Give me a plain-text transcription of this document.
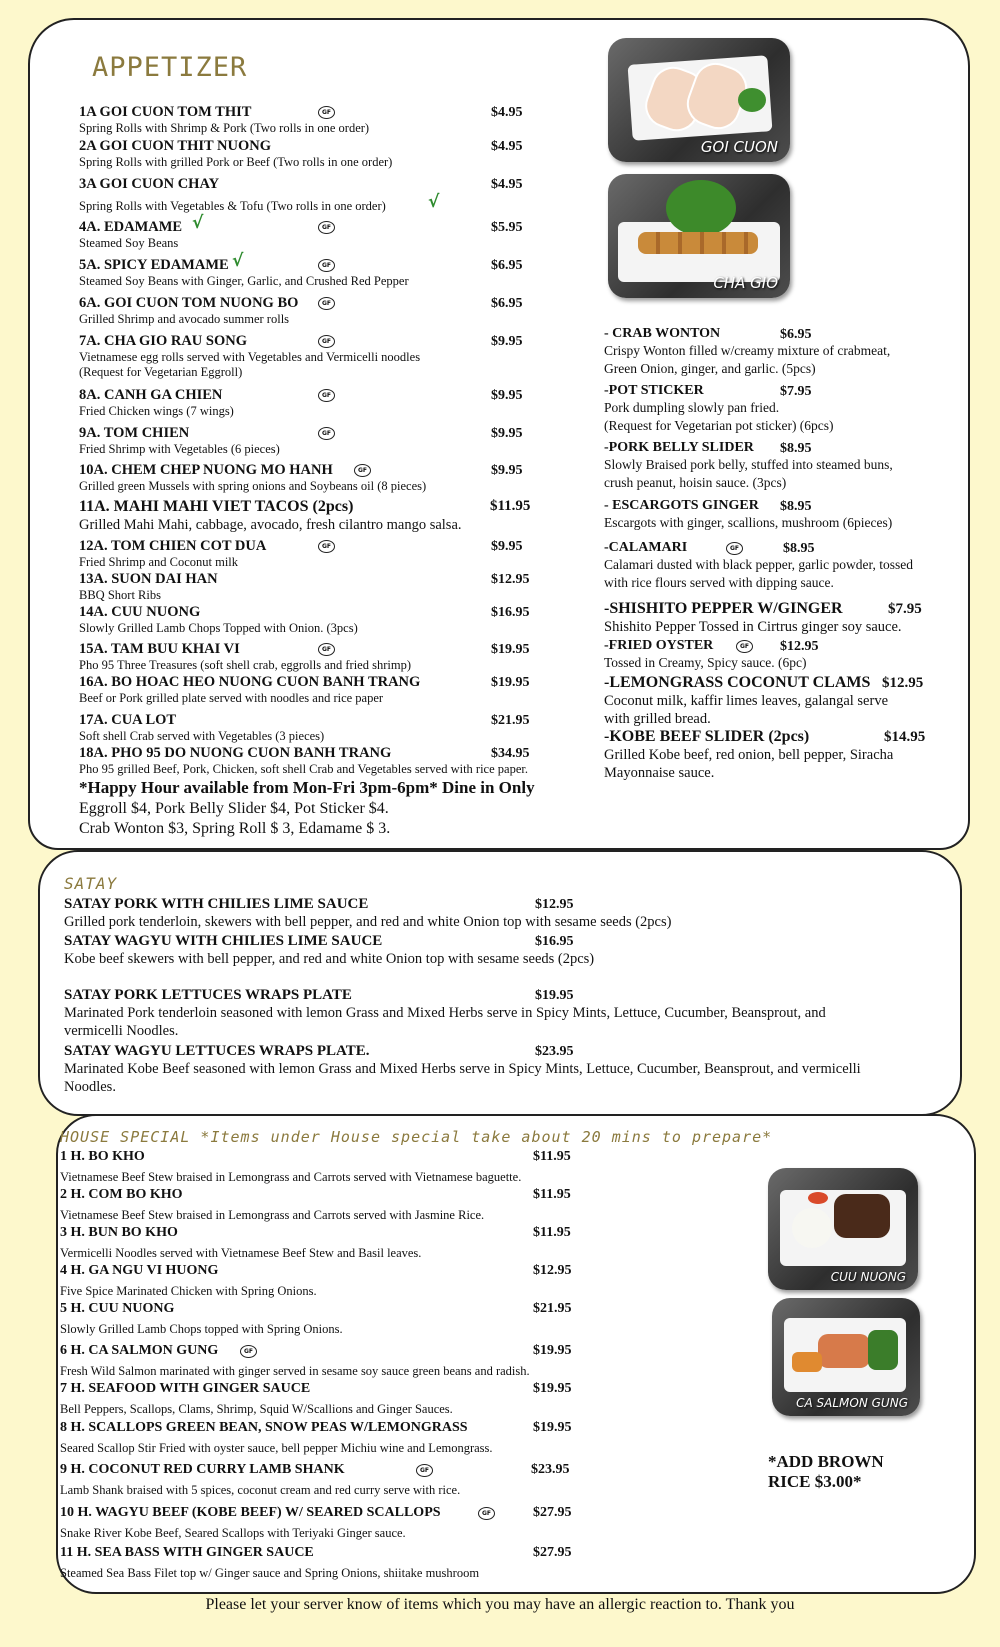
APPETIZER
1A GOI CUON TOM THIT
Spring Rolls with Shrimp & Pork (Two rolls in one order)
$4.95
GF
2A GOI CUON THIT NUONG
Spring Rolls with grilled Pork or Beef (Two rolls in one order)
$4.95
3A GOI CUON CHAY
Spring Rolls with Vegetables & Tofu (Two rolls in one order)
$4.95
√
4A. EDAMAME
Steamed Soy Beans
$5.95
GF
√
5A. SPICY EDAMAME
Steamed Soy Beans with Ginger, Garlic, and Crushed Red Pepper
$6.95
GF
√
6A. GOI CUON TOM NUONG BO
Grilled Shrimp and avocado summer rolls
$6.95
GF
7A. CHA GIO RAU SONG
Vietnamese egg rolls served with Vegetables and Vermicelli noodles
(Request for Vegetarian Eggroll)
$9.95
GF
8A. CANH GA CHIEN
Fried Chicken wings (7 wings)
$9.95
GF
9A. TOM CHIEN
Fried Shrimp with Vegetables (6 pieces)
$9.95
GF
10A. CHEM CHEP NUONG MO HANH
Grilled green Mussels with spring onions and Soybeans oil (8 pieces)
$9.95
GF
11A. MAHI MAHI VIET TACOS (2pcs)
Grilled Mahi Mahi, cabbage, avocado, fresh cilantro mango salsa.
$11.95
12A. TOM CHIEN COT DUA
Fried Shrimp and Coconut milk
$9.95
GF
13A. SUON DAI HAN
BBQ Short Ribs
$12.95
14A. CUU NUONG
Slowly Grilled Lamb Chops Topped with Onion. (3pcs)
$16.95
15A. TAM BUU KHAI VI
Pho 95 Three Treasures (soft shell crab, eggrolls and fried shrimp)
$19.95
GF
16A. BO HOAC HEO NUONG CUON BANH TRANG
Beef or Pork grilled plate served with noodles and rice paper
$19.95
17A. CUA LOT
Soft shell Crab served with Vegetables (3 pieces)
$21.95
18A. PHO 95 DO NUONG CUON BANH TRANG
Pho 95 grilled Beef, Pork, Chicken, soft shell Crab and Vegetables served with rice paper.
$34.95
GOI CUON
CHA GIO
- CRAB WONTON
Crispy Wonton filled w/creamy mixture of crabmeat,
Green Onion, ginger, and garlic. (5pcs)
$6.95
-POT STICKER
Pork dumpling slowly pan fried.
(Request for Vegetarian pot sticker) (6pcs)
$7.95
-PORK BELLY SLIDER
Slowly Braised pork belly, stuffed into steamed buns,
crush peanut, hoisin sauce. (3pcs)
$8.95
- ESCARGOTS GINGER
Escargots with ginger, scallions, mushroom (6pieces)
$8.95
-CALAMARI
Calamari dusted with black pepper, garlic powder, tossed
with rice flours served with dipping sauce.
$8.95
-SHISHITO PEPPER W/GINGER
Shishito Pepper Tossed in Cirtrus ginger soy sauce.
$7.95
-FRIED OYSTER
Tossed in Creamy, Spicy sauce. (6pc)
$12.95
-LEMONGRASS COCONUT CLAMS
Coconut milk, kaffir limes leaves, galangal serve
with grilled bread.
$12.95
-KOBE BEEF SLIDER (2pcs)
Grilled Kobe beef, red onion, bell pepper, Siracha
Mayonnaise sauce.
$14.95
GF
GF
*Happy Hour available from Mon-Fri 3pm-6pm* Dine in Only
Eggroll $4, Pork Belly Slider $4, Pot Sticker $4.
Crab Wonton $3, Spring Roll $ 3, Edamame $ 3.
SATAY
SATAY PORK WITH CHILIES LIME SAUCE
Grilled pork tenderloin, skewers with bell pepper, and red and white Onion top with sesame seeds (2pcs)
$12.95
SATAY WAGYU WITH CHILIES LIME SAUCE
Kobe beef skewers with bell pepper, and red and white Onion top with sesame seeds (2pcs)
$16.95
SATAY PORK LETTUCES WRAPS PLATE
Marinated Pork tenderloin seasoned with lemon Grass and Mixed Herbs serve in Spicy Mints, Lettuce, Cucumber, Beansprout, and
vermicelli Noodles.
$19.95
SATAY WAGYU LETTUCES WRAPS PLATE.
Marinated Kobe Beef seasoned with lemon Grass and Mixed Herbs serve in Spicy Mints, Lettuce, Cucumber, Beansprout, and vermicelli
Noodles.
$23.95
HOUSE SPECIAL *Items under House special take about 20 mins to prepare*
1 H. BO KHO
Vietnamese Beef Stew braised in Lemongrass and Carrots served with Vietnamese baguette.
$11.95
2 H. COM BO KHO
Vietnamese Beef Stew braised in Lemongrass and Carrots served with Jasmine Rice.
$11.95
3 H. BUN BO KHO
Vermicelli Noodles served with Vietnamese Beef Stew and Basil leaves.
$11.95
4 H. GA NGU VI HUONG
Five Spice Marinated Chicken with Spring Onions.
$12.95
5 H. CUU NUONG
Slowly Grilled Lamb Chops topped with Spring Onions.
$21.95
6 H. CA SALMON GUNG
Fresh Wild Salmon marinated with ginger served in sesame soy sauce green beans and radish.
$19.95
GF
7 H. SEAFOOD WITH GINGER SAUCE
Bell Peppers, Scallops, Clams, Shrimp, Squid W/Scallions and Ginger Sauces.
$19.95
8 H. SCALLOPS GREEN BEAN, SNOW PEAS W/LEMONGRASS
Seared Scallop Stir Fried with oyster sauce, bell pepper Michiu wine and Lemongrass.
$19.95
9 H. COCONUT RED CURRY LAMB SHANK
Lamb Shank braised with 5 spices, coconut cream and red curry serve with rice.
$23.95
GF
10 H. WAGYU BEEF (KOBE BEEF) W/ SEARED SCALLOPS
Snake River Kobe Beef, Seared Scallops with Teriyaki Ginger sauce.
$27.95
GF
11 H. SEA BASS WITH GINGER SAUCE
Steamed Sea Bass Filet top w/ Ginger sauce and Spring Onions, shiitake mushroom
$27.95
CUU NUONG
CA SALMON GUNG
*ADD BROWN
RICE $3.00*
Please let your server know of items which you may have an allergic reaction to. Thank you
